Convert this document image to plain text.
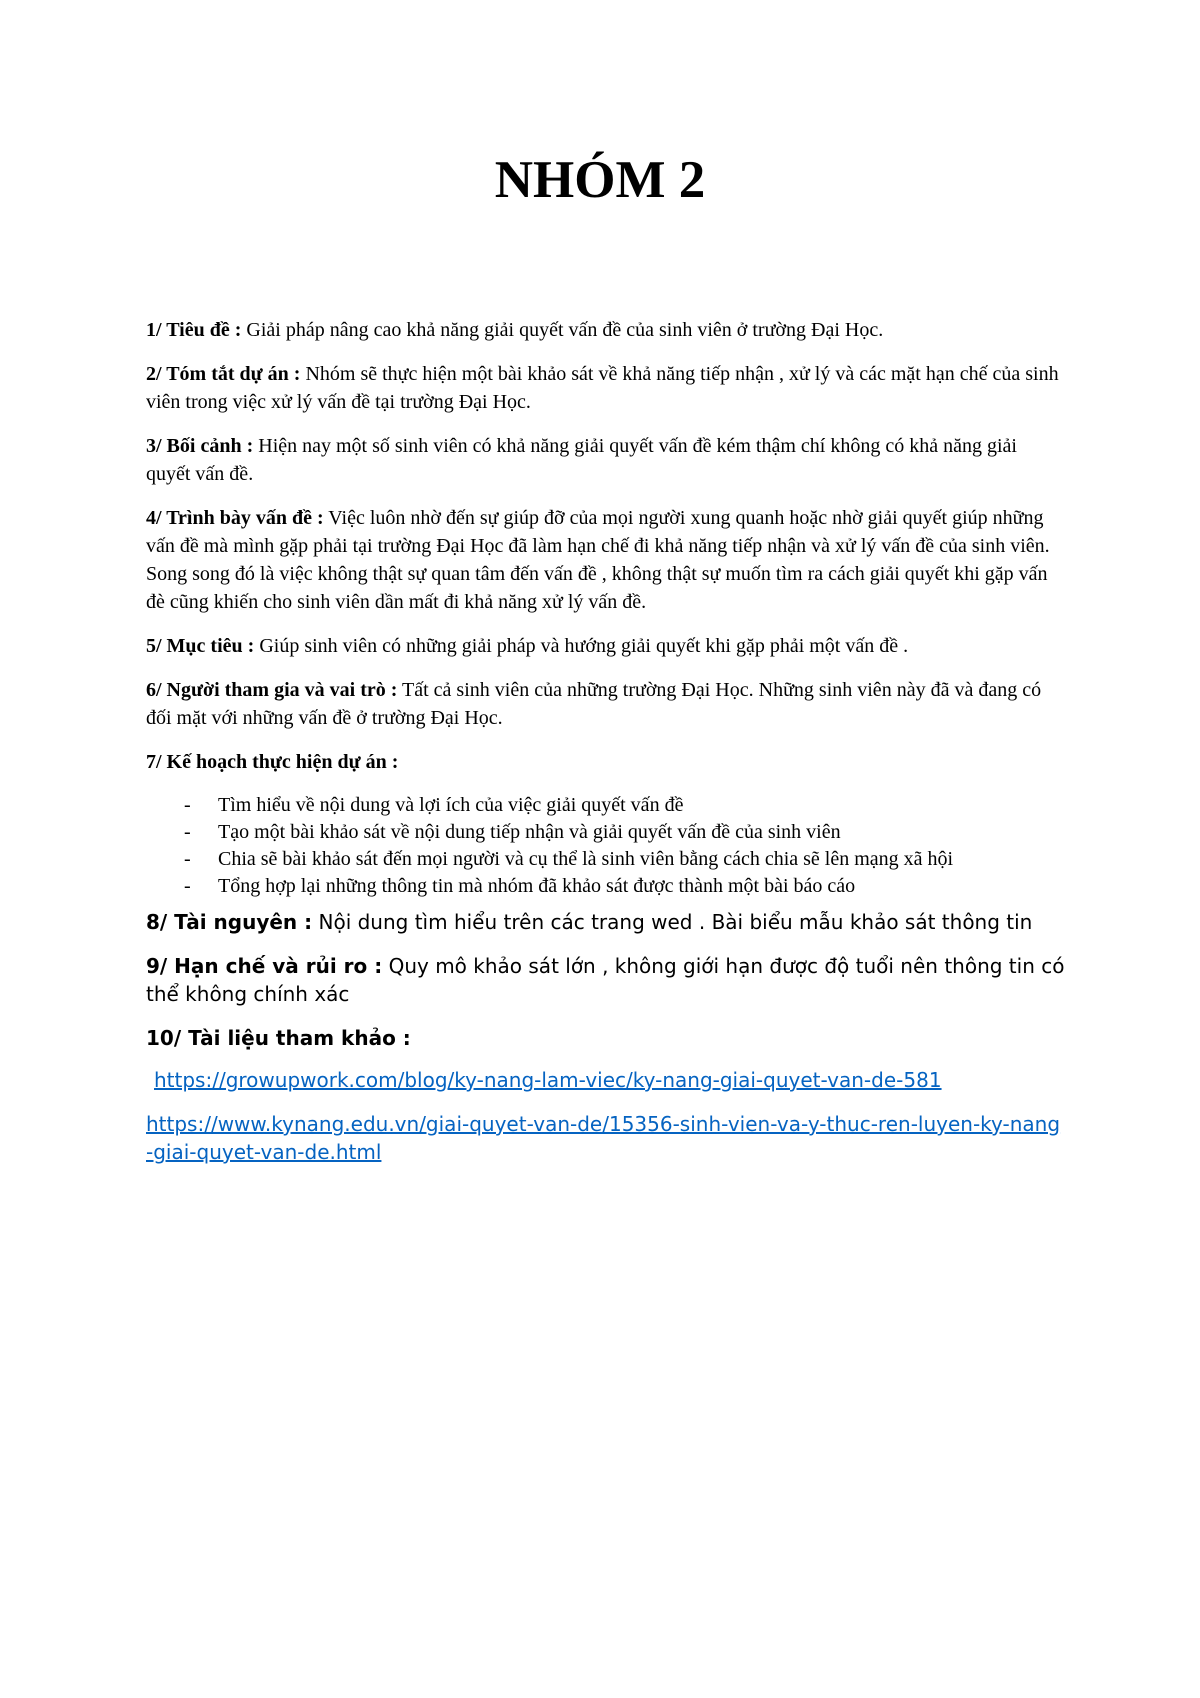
NHÓM 2

1/ Tiêu đề : Giải pháp nâng cao khả năng giải quyết vấn đề của sinh viên ở trường Đại Học.

2/ Tóm tắt dự án : Nhóm sẽ thực hiện một bài khảo sát về khả năng tiếp nhận , xử lý và các mặt hạn chế của sinh viên trong việc xử lý vấn đề tại trường Đại Học.

3/ Bối cảnh : Hiện nay một số sinh viên có khả năng giải quyết vấn đề kém thậm chí không có khả năng giải quyết vấn đề.

4/ Trình bày vấn đề : Việc luôn nhờ đến sự giúp đỡ của mọi người xung quanh hoặc nhờ giải quyết giúp những vấn đề mà mình gặp phải tại trường Đại Học đã làm hạn chế đi khả năng tiếp nhận và xử lý vấn đề của sinh viên. Song song đó là việc không thật sự quan tâm đến vấn đề , không thật sự muốn tìm ra cách giải quyết khi gặp vấn đè cũng khiến cho sinh viên dần mất đi khả năng xử lý vấn đề.

5/ Mục tiêu : Giúp sinh viên có những giải pháp và hướng giải quyết khi gặp phải một vấn đề .

6/ Người tham gia và vai trò : Tất cả sinh viên của những trường Đại Học. Những sinh viên này đã và đang có đối mặt với những vấn đề ở trường Đại Học.

7/ Kế hoạch thực hiện dự án :

- Tìm hiểu về nội dung và lợi ích của việc giải quyết vấn đề
- Tạo một bài khảo sát về nội dung tiếp nhận và giải quyết vấn đề của sinh viên
- Chia sẽ bài khảo sát đến mọi người và cụ thể là sinh viên bằng cách chia sẽ lên mạng xã hội
- Tổng hợp lại những thông tin mà nhóm đã khảo sát được thành một bài báo cáo

8/ Tài nguyên : Nội dung tìm hiểu trên các trang wed . Bài biểu mẫu khảo sát thông tin

9/ Hạn chế và rủi ro : Quy mô khảo sát lớn , không giới hạn được độ tuổi nên thông tin có thể không chính xác

10/ Tài liệu tham khảo :

https://growupwork.com/blog/ky-nang-lam-viec/ky-nang-giai-quyet-van-de-581
https://www.kynang.edu.vn/giai-quyet-van-de/15356-sinh-vien-va-y-thuc-ren-luyen-ky-nang-giai-quyet-van-de.html
